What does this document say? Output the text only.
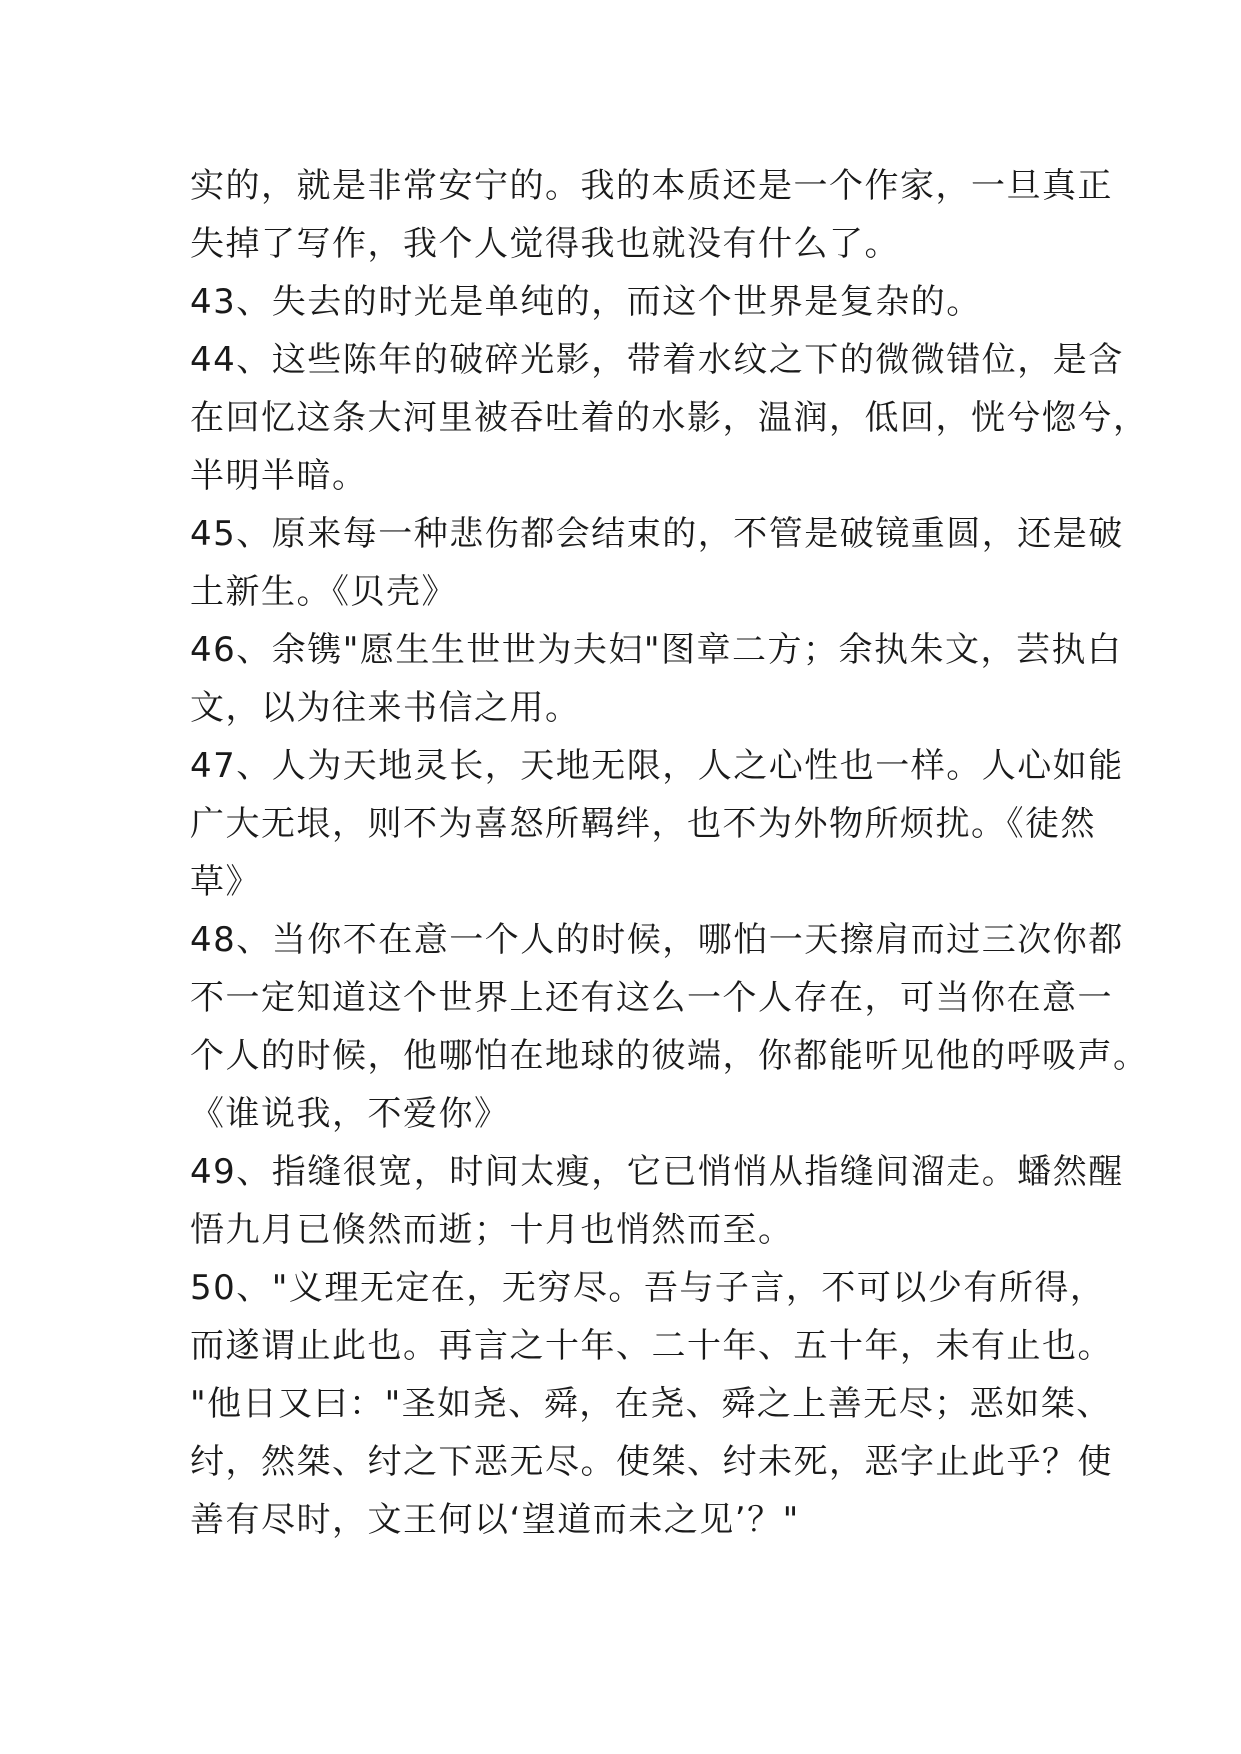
实的，就是非常安宁的。我的本质还是一个作家，一旦真正
失掉了写作，我个人觉得我也就没有什么了。
43、失去的时光是单纯的，而这个世界是复杂的。
44、这些陈年的破碎光影，带着水纹之下的微微错位，是含
在回忆这条大河里被吞吐着的水影，温润，低回，恍兮惚兮，
半明半暗。
45、原来每一种悲伤都会结束的，不管是破镜重圆，还是破
土新生。《贝壳》
46、余镌"愿生生世世为夫妇"图章二方；余执朱文，芸执白
文，以为往来书信之用。
47、人为天地灵长，天地无限，人之心性也一样。人心如能
广大无垠，则不为喜怒所羁绊，也不为外物所烦扰。《徒然
草》
48、当你不在意一个人的时候，哪怕一天擦肩而过三次你都
不一定知道这个世界上还有这么一个人存在，可当你在意一
个人的时候，他哪怕在地球的彼端，你都能听见他的呼吸声。
《谁说我，不爱你》
49、指缝很宽，时间太瘦，它已悄悄从指缝间溜走。蟠然醒
悟九月已倏然而逝；十月也悄然而至。
50、"义理无定在，无穷尽。吾与子言，不可以少有所得，
而遂谓止此也。再言之十年、二十年、五十年，未有止也。
"他日又曰："圣如尧、舜，在尧、舜之上善无尽；恶如桀、
纣，然桀、纣之下恶无尽。使桀、纣未死，恶字止此乎？使
善有尽时，文王何以‘望道而未之见’？"
